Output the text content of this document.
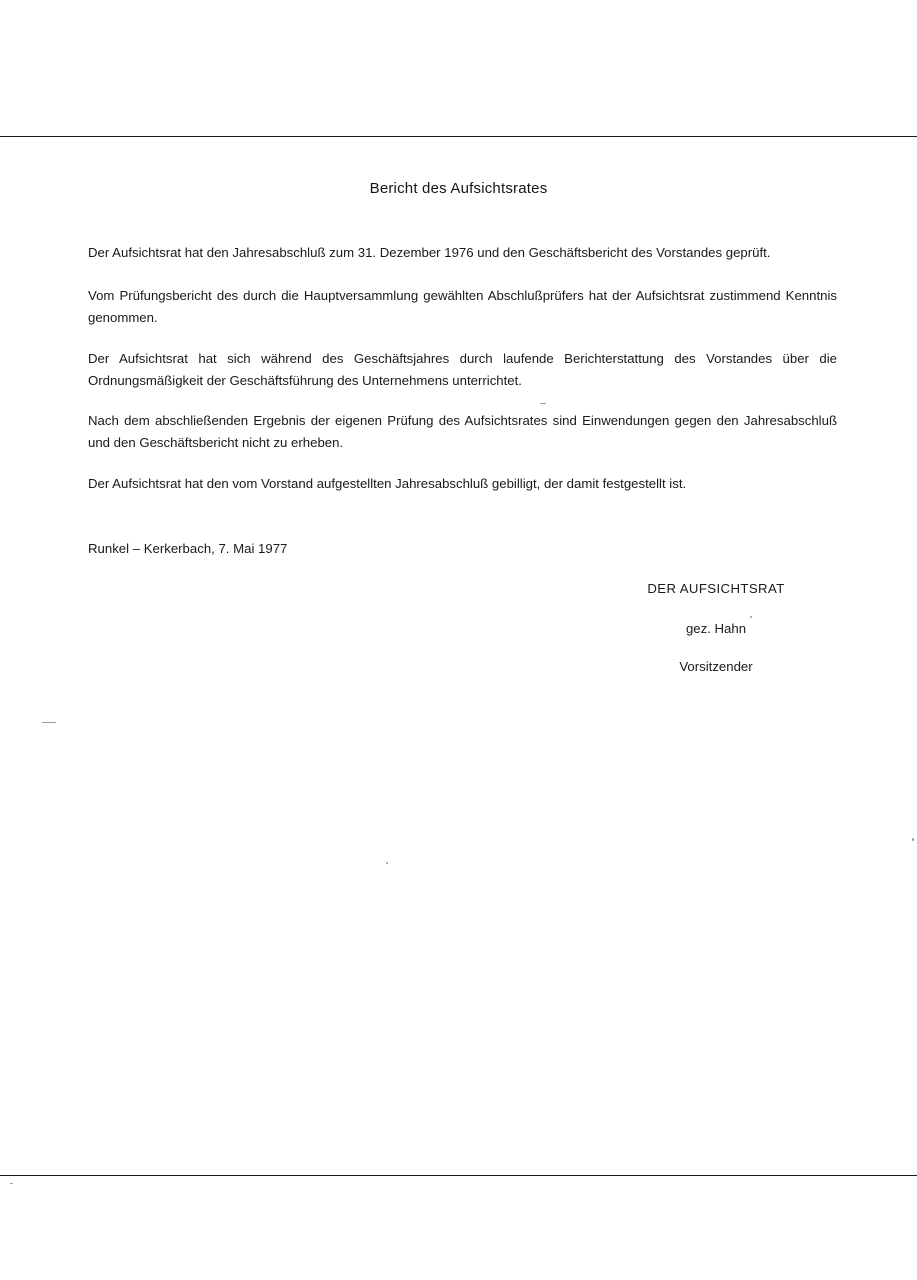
Bericht des Aufsichtsrates

Der Aufsichtsrat hat den Jahresabschluß zum 31. Dezember 1976 und den Geschäftsbericht des Vorstandes geprüft.

Vom Prüfungsbericht des durch die Hauptversammlung gewählten Abschlußprüfers hat der Aufsichtsrat zustimmend Kenntnis genommen.

Der Aufsichtsrat hat sich während des Geschäftsjahres durch laufende Berichterstattung des Vorstandes über die Ordnungsmäßigkeit der Geschäftsführung des Unternehmens unterrichtet.

Nach dem abschließenden Ergebnis der eigenen Prüfung des Aufsichtsrates sind Einwendungen gegen den Jahresabschluß und den Geschäftsbericht nicht zu erheben.

Der Aufsichtsrat hat den vom Vorstand aufgestellten Jahresabschluß gebilligt, der damit festgestellt ist.

Runkel – Kerkerbach, 7. Mai 1977
DER AUFSICHTSRAT
gez. Hahn
Vorsitzender
